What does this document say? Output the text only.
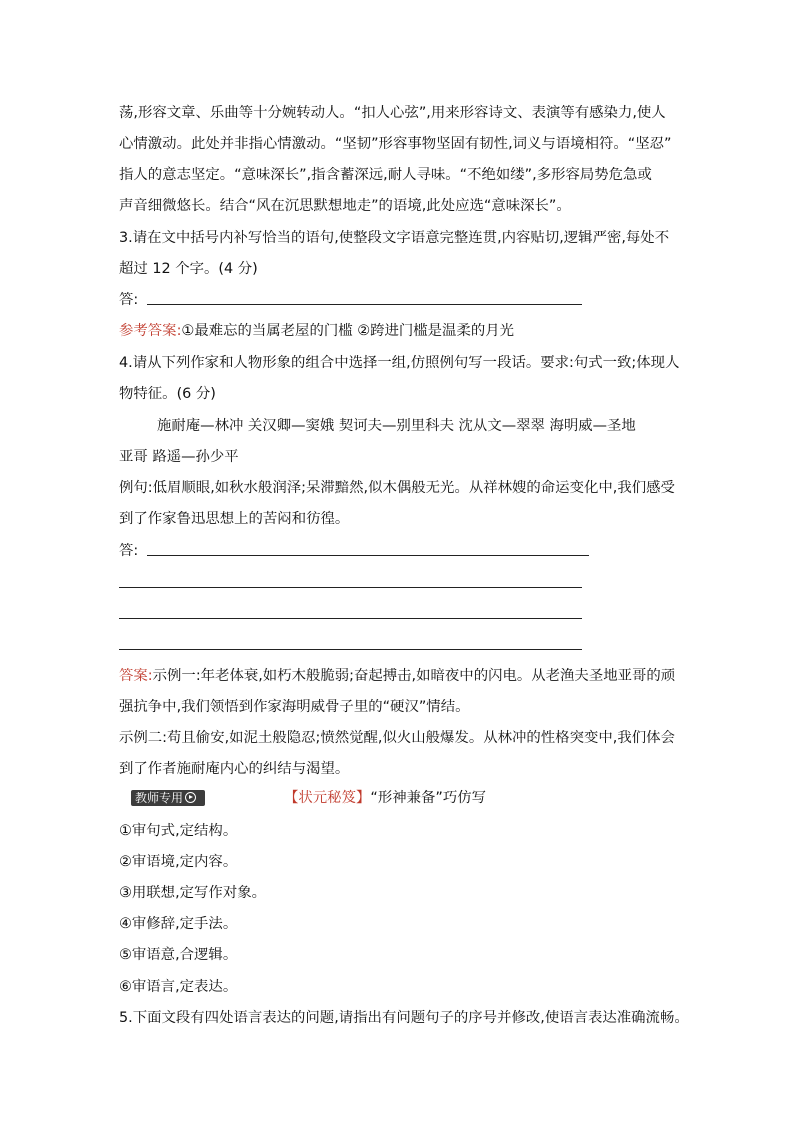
荡,形容文章、乐曲等十分婉转动人。“扣人心弦”,用来形容诗文、表演等有感染力,使人
心情激动。此处并非指心情激动。“坚韧”形容事物坚固有韧性,词义与语境相符。“坚忍”
指人的意志坚定。“意味深长”,指含蓄深远,耐人寻味。“不绝如缕”,多形容局势危急或
声音细微悠长。结合“风在沉思默想地走”的语境,此处应选“意味深长”。
3.请在文中括号内补写恰当的语句,使整段文字语意完整连贯,内容贴切,逻辑严密,每处不
超过 12 个字。(4 分)
答:
参考答案:①最难忘的当属老屋的门槛 ②跨进门槛是温柔的月光
4.请从下列作家和人物形象的组合中选择一组,仿照例句写一段话。要求:句式一致;体现人
物特征。(6 分)
施耐庵—林冲 关汉卿—窦娥 契诃夫—别里科夫 沈从文—翠翠 海明威—圣地
亚哥 路遥—孙少平
例句:低眉顺眼,如秋水般润泽;呆滞黯然,似木偶般无光。从祥林嫂的命运变化中,我们感受
到了作家鲁迅思想上的苦闷和彷徨。
答:
答案:示例一:年老体衰,如朽木般脆弱;奋起搏击,如暗夜中的闪电。从老渔夫圣地亚哥的顽
强抗争中,我们领悟到作家海明威骨子里的“硬汉”情结。
示例二:苟且偷安,如泥土般隐忍;愤然觉醒,似火山般爆发。从林冲的性格突变中,我们体会
到了作者施耐庵内心的纠结与渴望。
教师专用	【状元秘笈】“形神兼备”巧仿写
①审句式,定结构。
②审语境,定内容。
③用联想,定写作对象。
④审修辞,定手法。
⑤审语意,合逻辑。
⑥审语言,定表达。
5.下面文段有四处语言表达的问题,请指出有问题句子的序号并修改,使语言表达准确流畅。
